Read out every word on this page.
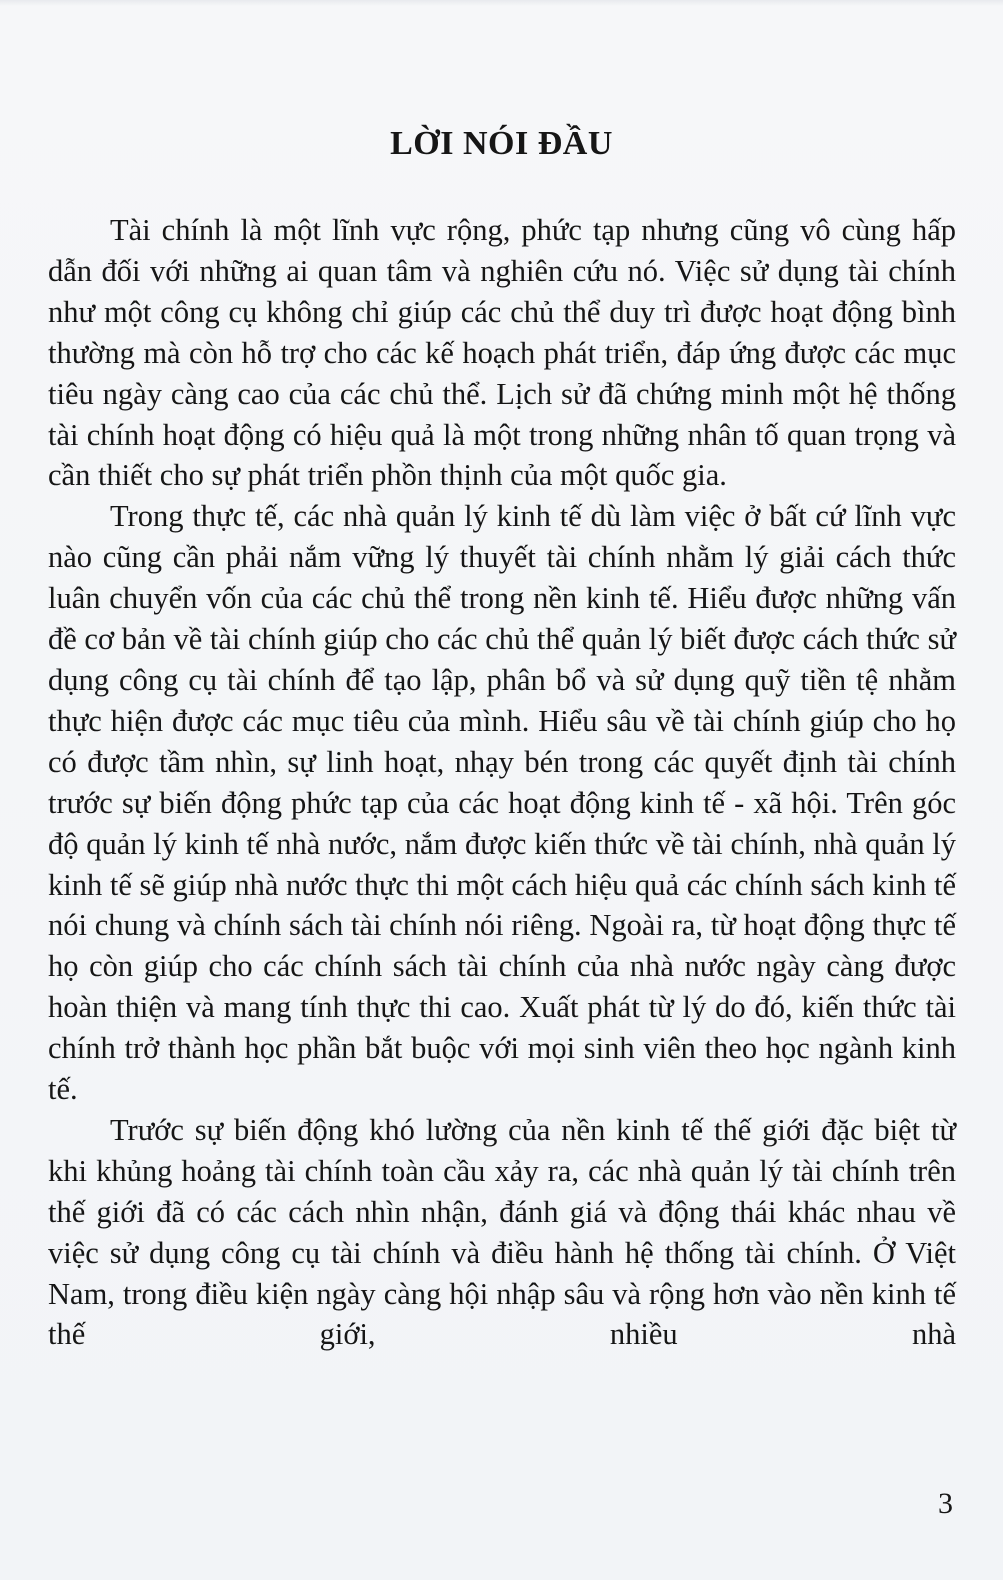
LỜI NÓI ĐẦU

Tài chính là một lĩnh vực rộng, phức tạp nhưng cũng vô cùng hấp dẫn đối với những ai quan tâm và nghiên cứu nó. Việc sử dụng tài chính như một công cụ không chỉ giúp các chủ thể duy trì được hoạt động bình thường mà còn hỗ trợ cho các kế hoạch phát triển, đáp ứng được các mục tiêu ngày càng cao của các chủ thể. Lịch sử đã chứng minh một hệ thống tài chính hoạt động có hiệu quả là một trong những nhân tố quan trọng và cần thiết cho sự phát triển phồn thịnh của một quốc gia.

Trong thực tế, các nhà quản lý kinh tế dù làm việc ở bất cứ lĩnh vực nào cũng cần phải nắm vững lý thuyết tài chính nhằm lý giải cách thức luân chuyển vốn của các chủ thể trong nền kinh tế. Hiểu được những vấn đề cơ bản về tài chính giúp cho các chủ thể quản lý biết được cách thức sử dụng công cụ tài chính để tạo lập, phân bổ và sử dụng quỹ tiền tệ nhằm thực hiện được các mục tiêu của mình. Hiểu sâu về tài chính giúp cho họ có được tầm nhìn, sự linh hoạt, nhạy bén trong các quyết định tài chính trước sự biến động phức tạp của các hoạt động kinh tế - xã hội. Trên góc độ quản lý kinh tế nhà nước, nắm được kiến thức về tài chính, nhà quản lý kinh tế sẽ giúp nhà nước thực thi một cách hiệu quả các chính sách kinh tế nói chung và chính sách tài chính nói riêng. Ngoài ra, từ hoạt động thực tế họ còn giúp cho các chính sách tài chính của nhà nước ngày càng được hoàn thiện và mang tính thực thi cao. Xuất phát từ lý do đó, kiến thức tài chính trở thành học phần bắt buộc với mọi sinh viên theo học ngành kinh tế.

Trước sự biến động khó lường của nền kinh tế thế giới đặc biệt từ khi khủng hoảng tài chính toàn cầu xảy ra, các nhà quản lý tài chính trên thế giới đã có các cách nhìn nhận, đánh giá và động thái khác nhau về việc sử dụng công cụ tài chính và điều hành hệ thống tài chính. Ở Việt Nam, trong điều kiện ngày càng hội nhập sâu và rộng hơn vào nền kinh tế thế giới, nhiều nhà

3
